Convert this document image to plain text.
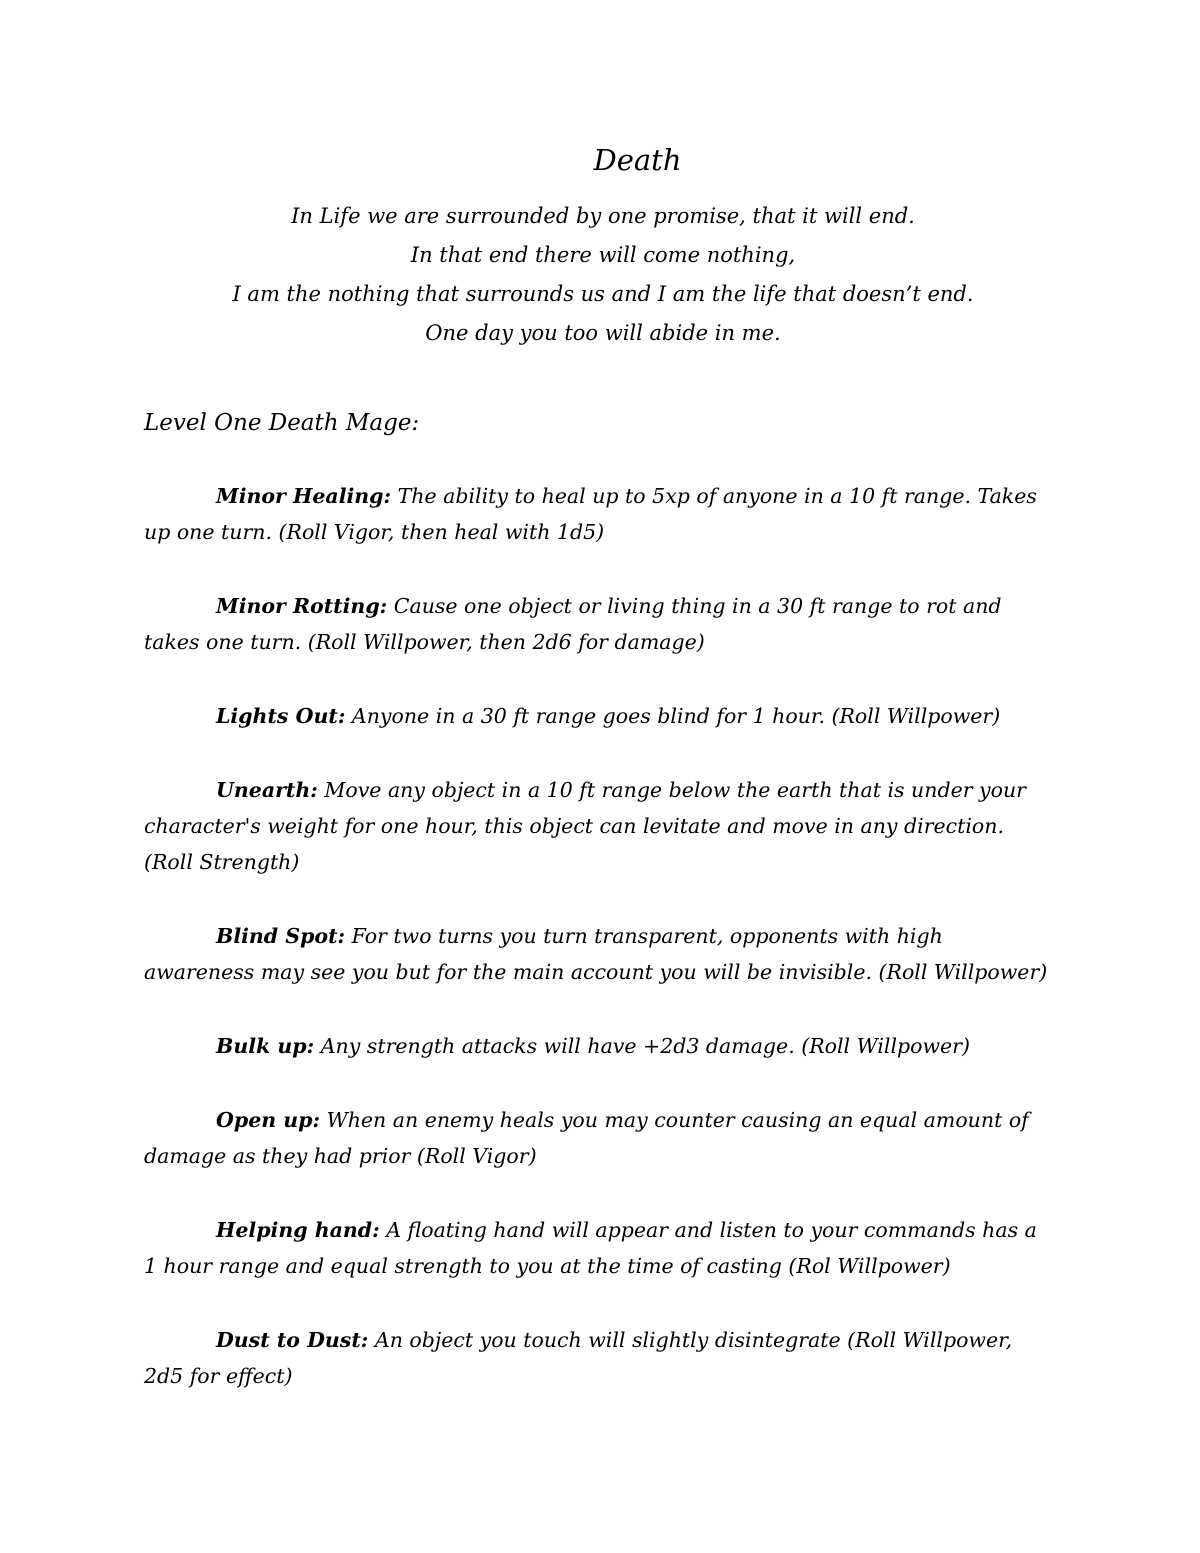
Death
In Life we are surrounded by one promise, that it will end.
In that end there will come nothing,
I am the nothing that surrounds us and I am the life that doesn’t end.
One day you too will abide in me.
Level One Death Mage:

Minor Healing: The ability to heal up to 5xp of anyone in a 10 ft range. Takes up one turn. (Roll Vigor, then heal with 1d5)

Minor Rotting: Cause one object or living thing in a 30 ft range to rot and takes one turn. (Roll Willpower, then 2d6 for damage)

Lights Out: Anyone in a 30 ft range goes blind for 1 hour. (Roll Willpower)

Unearth: Move any object in a 10 ft range below the earth that is under your character's weight for one hour, this object can levitate and move in any direction. (Roll Strength)

Blind Spot: For two turns you turn transparent, opponents with high awareness may see you but for the main account you will be invisible. (Roll Willpower)

Bulk up: Any strength attacks will have +2d3 damage. (Roll Willpower)

Open up: When an enemy heals you may counter causing an equal amount of damage as they had prior (Roll Vigor)

Helping hand: A floating hand will appear and listen to your commands has a 1 hour range and equal strength to you at the time of casting (Rol Willpower)

Dust to Dust: An object you touch will slightly disintegrate (Roll Willpower, 2d5 for effect)
